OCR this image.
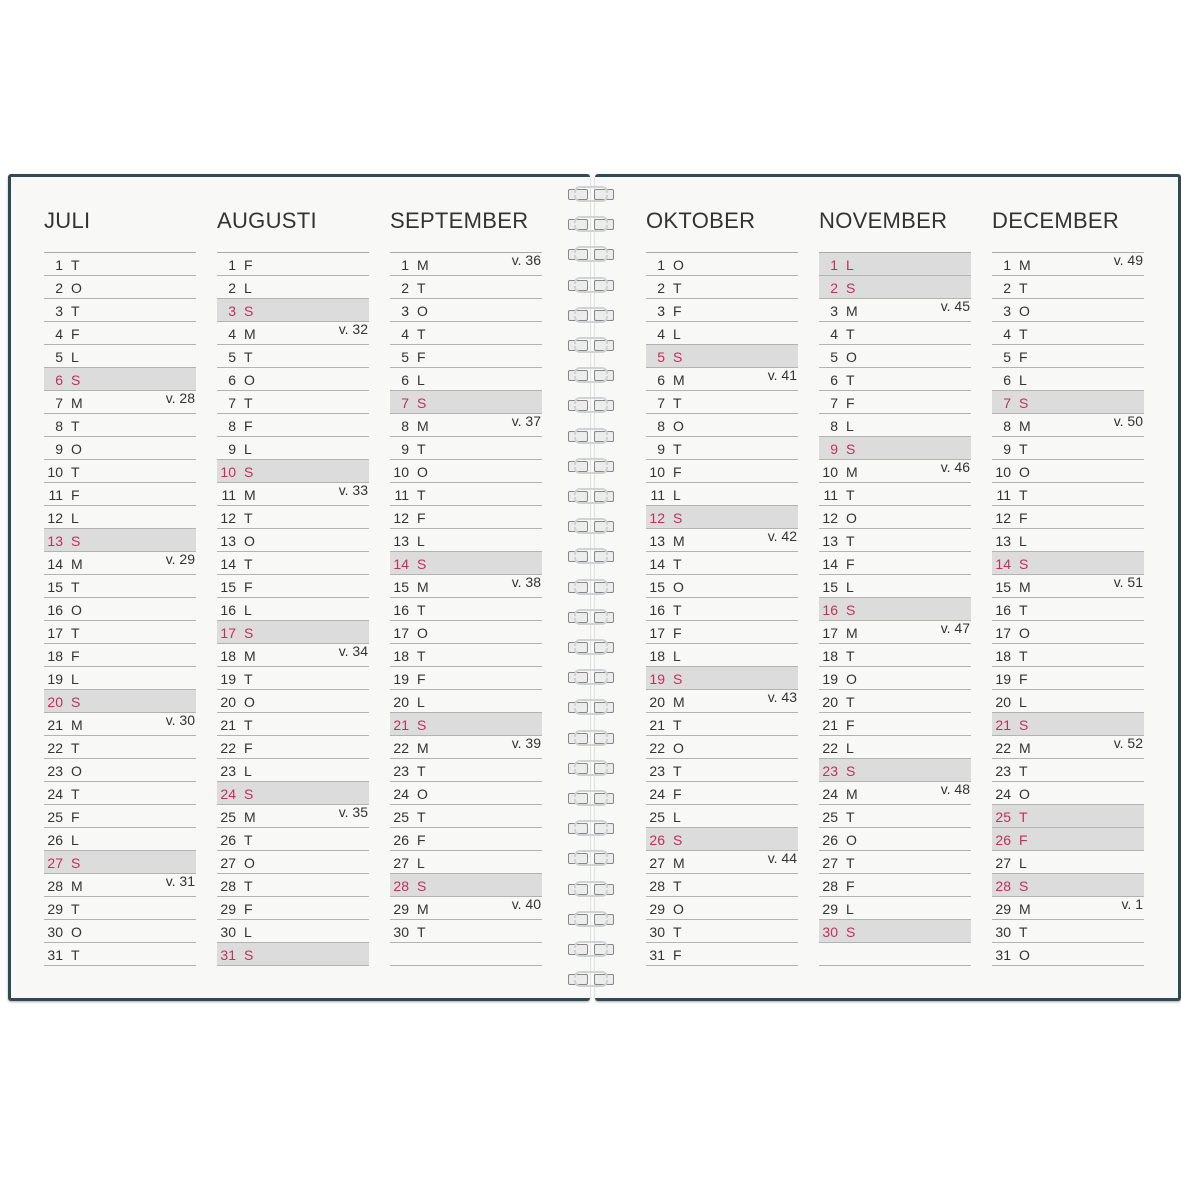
JULI
1 T
2 O
3 T
4 F
5 L
6 S
7 M	v. 28
8 T
9 O
10 T
11 F
12 L
13 S
14 M	v. 29
15 T
16 O
17 T
18 F
19 L
20 S
21 M	v. 30
22 T
23 O
24 T
25 F
26 L
27 S
28 M	v. 31
29 T
30 O
31 T
AUGUSTI
1 F
2 L
3 S
4 M	v. 32
5 T
6 O
7 T
8 F
9 L
10 S
11 M	v. 33
12 T
13 O
14 T
15 F
16 L
17 S
18 M	v. 34
19 T
20 O
21 T
22 F
23 L
24 S
25 M	v. 35
26 T
27 O
28 T
29 F
30 L
31 S
SEPTEMBER
1 M	v. 36
2 T
3 O
4 T
5 F
6 L
7 S
8 M	v. 37
9 T
10 O
11 T
12 F
13 L
14 S
15 M	v. 38
16 T
17 O
18 T
19 F
20 L
21 S
22 M	v. 39
23 T
24 O
25 T
26 F
27 L
28 S
29 M	v. 40
30 T
OKTOBER
1 O
2 T
3 F
4 L
5 S
6 M	v. 41
7 T
8 O
9 T
10 F
11 L
12 S
13 M	v. 42
14 T
15 O
16 T
17 F
18 L
19 S
20 M	v. 43
21 T
22 O
23 T
24 F
25 L
26 S
27 M	v. 44
28 T
29 O
30 T
31 F
NOVEMBER
1 L
2 S
3 M	v. 45
4 T
5 O
6 T
7 F
8 L
9 S
10 M	v. 46
11 T
12 O
13 T
14 F
15 L
16 S
17 M	v. 47
18 T
19 O
20 T
21 F
22 L
23 S
24 M	v. 48
25 T
26 O
27 T
28 F
29 L
30 S
DECEMBER
1 M	v. 49
2 T
3 O
4 T
5 F
6 L
7 S
8 M	v. 50
9 T
10 O
11 T
12 F
13 L
14 S
15 M	v. 51
16 T
17 O
18 T
19 F
20 L
21 S
22 M	v. 52
23 T
24 O
25 T
26 F
27 L
28 S
29 M	v. 1
30 T
31 O
